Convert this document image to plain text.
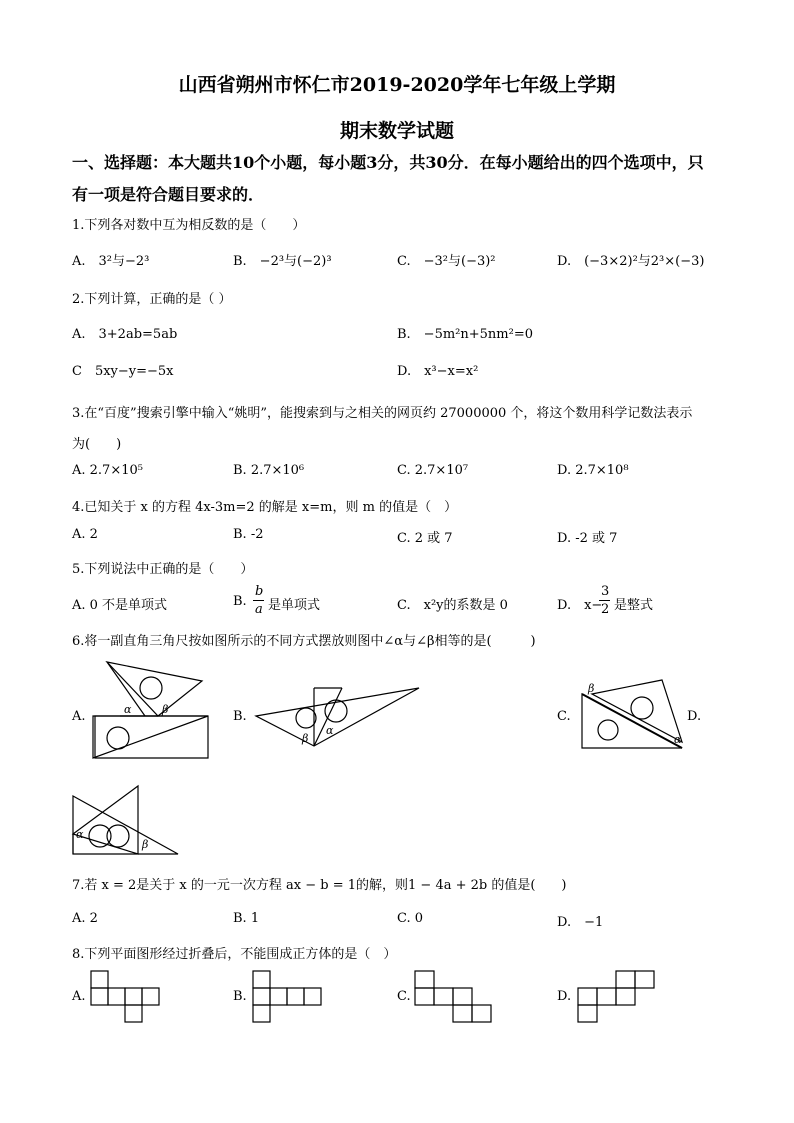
山西省朔州市怀仁市2019-2020学年七年级上学期
期末数学试题
一、选择题：本大题共10个小题，每小题3分，共30分．在每小题给出的四个选项中，只
有一项是符合题目要求的．
1.下列各对数中互为相反数的是（　　）
A.　3²与−2³	B.　−2³与(−2)³	C.　−3²与(−3)²	D.　(−3×2)²与2³×(−3)
2.下列计算，正确的是（ ）
A.　3+2ab=5ab	B.　−5m²n+5nm²=0
C　5xy−y=−5x	D.　x³−x=x²
3.在“百度”搜索引擎中输入“姚明”，能搜索到与之相关的网页约 27000000 个，将这个数用科学记数法表示
为(　　)
A. 2.7×10⁵	B. 2.7×10⁶	C. 2.7×10⁷	D. 2.7×10⁸
4.已知关于 x 的方程 4x-3m=2 的解是 x=m，则 m 的值是（　）
A. 2	B. -2	C. 2 或 7	D. -2 或 7
5.下列说法中正确的是（　　）
A. 0 不是单项式	B.
b
a 是单项式	C.　x²y的系数是 0	D.　x−
3
2 是整式
6.将一副直角三角尺按如图所示的不同方式摆放则图中∠α与∠β相等的是(　　　)
A.	α	β	B.
β
α
C.
β
α
D.
α
β
7.若 x = 2是关于 x 的一元一次方程 ax − b = 1的解，则1 − 4a + 2b 的值是(　　)
A. 2	B. 1	C. 0	D.　−1
8.下列平面图形经过折叠后，不能围成正方体的是（　）
A.	B.	C.	D.
